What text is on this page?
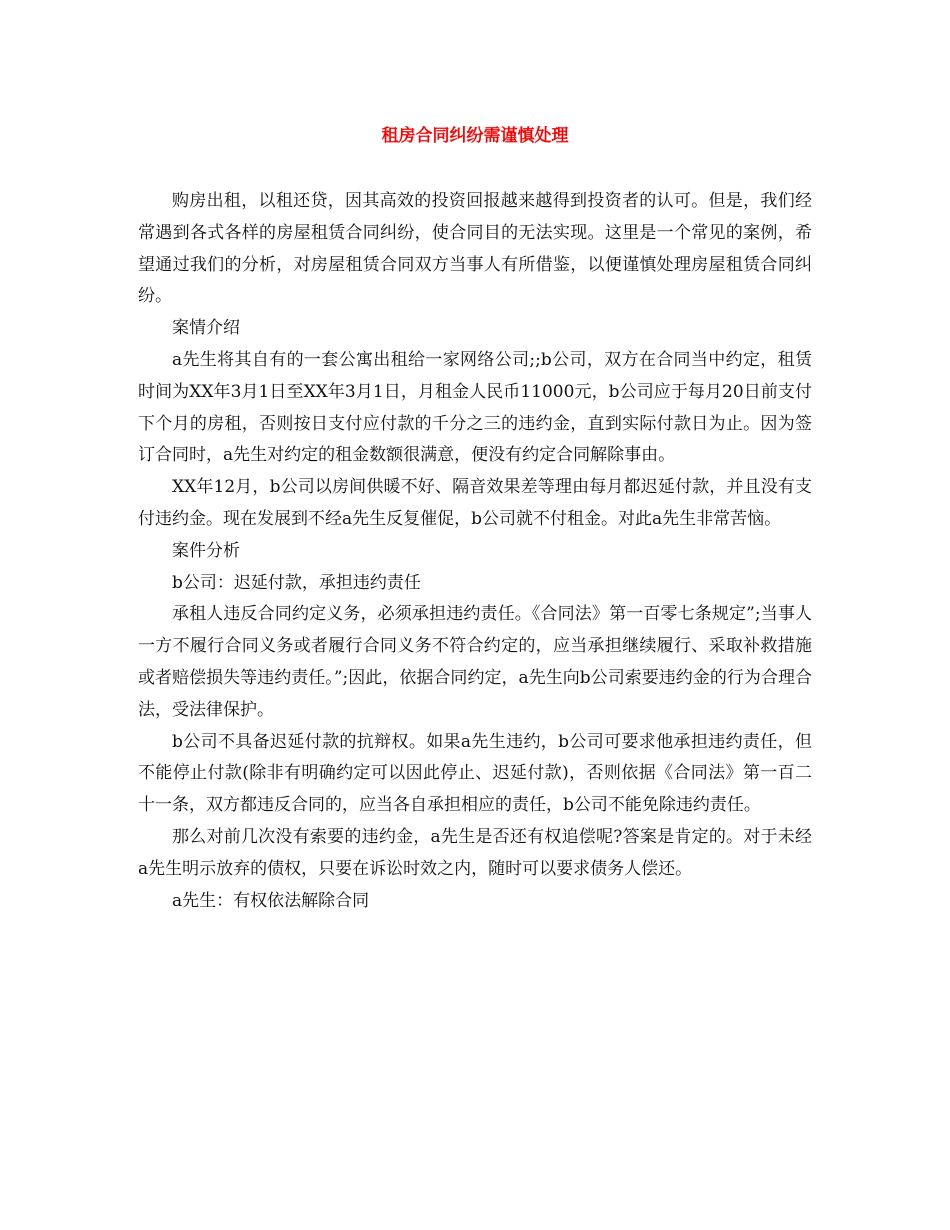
租房合同纠纷需谨慎处理

购房出租，以租还贷，因其高效的投资回报越来越得到投资者的认可。但是，我们经常遇到各式各样的房屋租赁合同纠纷，使合同目的无法实现。这里是一个常见的案例，希望通过我们的分析，对房屋租赁合同双方当事人有所借鉴，以便谨慎处理房屋租赁合同纠纷。

案情介绍

a先生将其自有的一套公寓出租给一家网络公司;;b公司，双方在合同当中约定，租赁时间为XX年3月1日至XX年3月1日，月租金人民币11000元，b公司应于每月20日前支付下个月的房租，否则按日支付应付款的千分之三的违约金，直到实际付款日为止。因为签订合同时，a先生对约定的租金数额很满意，便没有约定合同解除事由。

XX年12月，b公司以房间供暖不好、隔音效果差等理由每月都迟延付款，并且没有支付违约金。现在发展到不经a先生反复催促，b公司就不付租金。对此a先生非常苦恼。

案件分析

b公司：迟延付款，承担违约责任

承租人违反合同约定义务，必须承担违约责任。《合同法》第一百零七条规定”;当事人一方不履行合同义务或者履行合同义务不符合约定的，应当承担继续履行、采取补救措施或者赔偿损失等违约责任。”;因此，依据合同约定，a先生向b公司索要违约金的行为合理合法，受法律保护。

b公司不具备迟延付款的抗辩权。如果a先生违约，b公司可要求他承担违约责任，但不能停止付款(除非有明确约定可以因此停止、迟延付款)，否则依据《合同法》第一百二十一条，双方都违反合同的，应当各自承担相应的责任，b公司不能免除违约责任。

那么对前几次没有索要的违约金，a先生是否还有权追偿呢?答案是肯定的。对于未经a先生明示放弃的债权，只要在诉讼时效之内，随时可以要求债务人偿还。

a先生：有权依法解除合同
